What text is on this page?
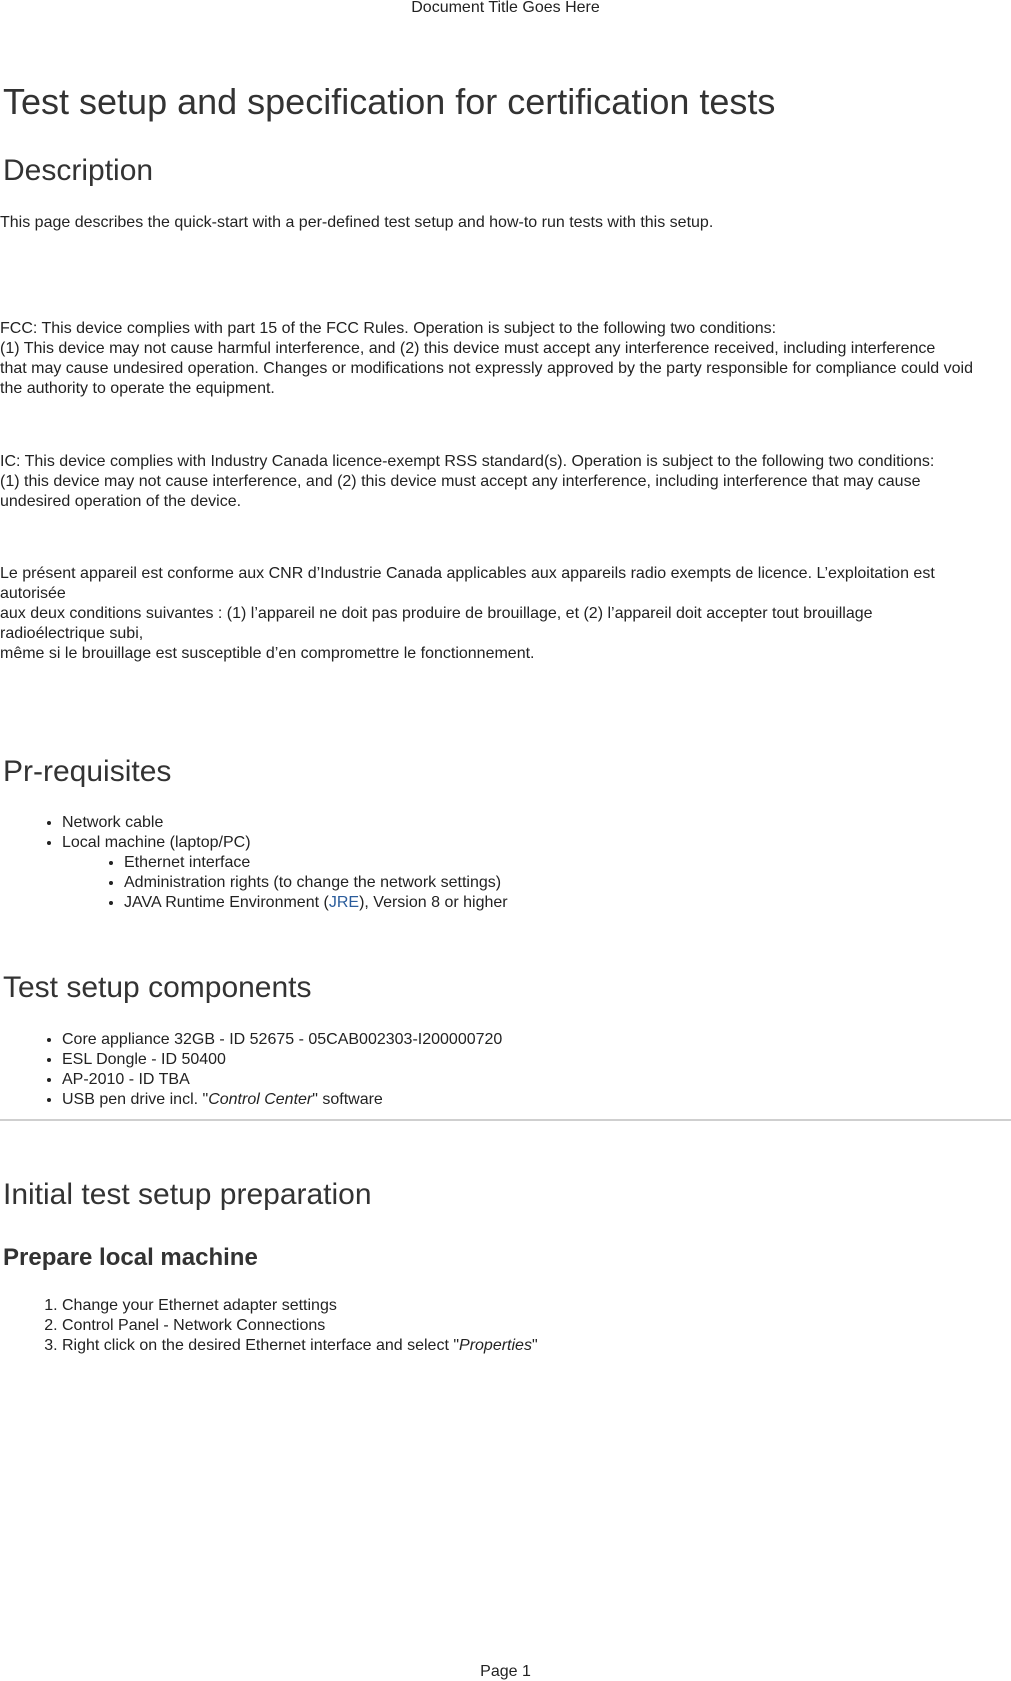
Document Title Goes Here
Test setup and specification for certification tests
Description

This page describes the quick-start with a per-defined test setup and how-to run tests with this setup.

FCC: This device complies with part 15 of the FCC Rules. Operation is subject to the following two conditions:
(1) This device may not cause harmful interference, and (2) this device must accept any interference received, including interference
that may cause undesired operation. Changes or modifications not expressly approved by the party responsible for compliance could void
the authority to operate the equipment.

IC: This device complies with Industry Canada licence-exempt RSS standard(s). Operation is subject to the following two conditions:
(1) this device may not cause interference, and (2) this device must accept any interference, including interference that may cause
undesired operation of the device.

Le présent appareil est conforme aux CNR d’Industrie Canada applicables aux appareils radio exempts de licence. L’exploitation est
autorisée
aux deux conditions suivantes : (1) l’appareil ne doit pas produire de brouillage, et (2) l’appareil doit accepter tout brouillage
radioélectrique subi,
même si le brouillage est susceptible d’en compromettre le fonctionnement.

Pr-requisites
• Network cable
• Local machine (laptop/PC)
• Ethernet interface
• Administration rights (to change the network settings)
• JAVA Runtime Environment (JRE), Version 8 or higher
Test setup components
• Core appliance 32GB - ID 52675 - 05CAB002303-I200000720
• ESL Dongle - ID 50400
• AP-2010 - ID TBA
• USB pen drive incl. "Control Center" software
Initial test setup preparation
Prepare local machine
1. Change your Ethernet adapter settings
2. Control Panel - Network Connections
3. Right click on the desired Ethernet interface and select "Properties"
Page 1
